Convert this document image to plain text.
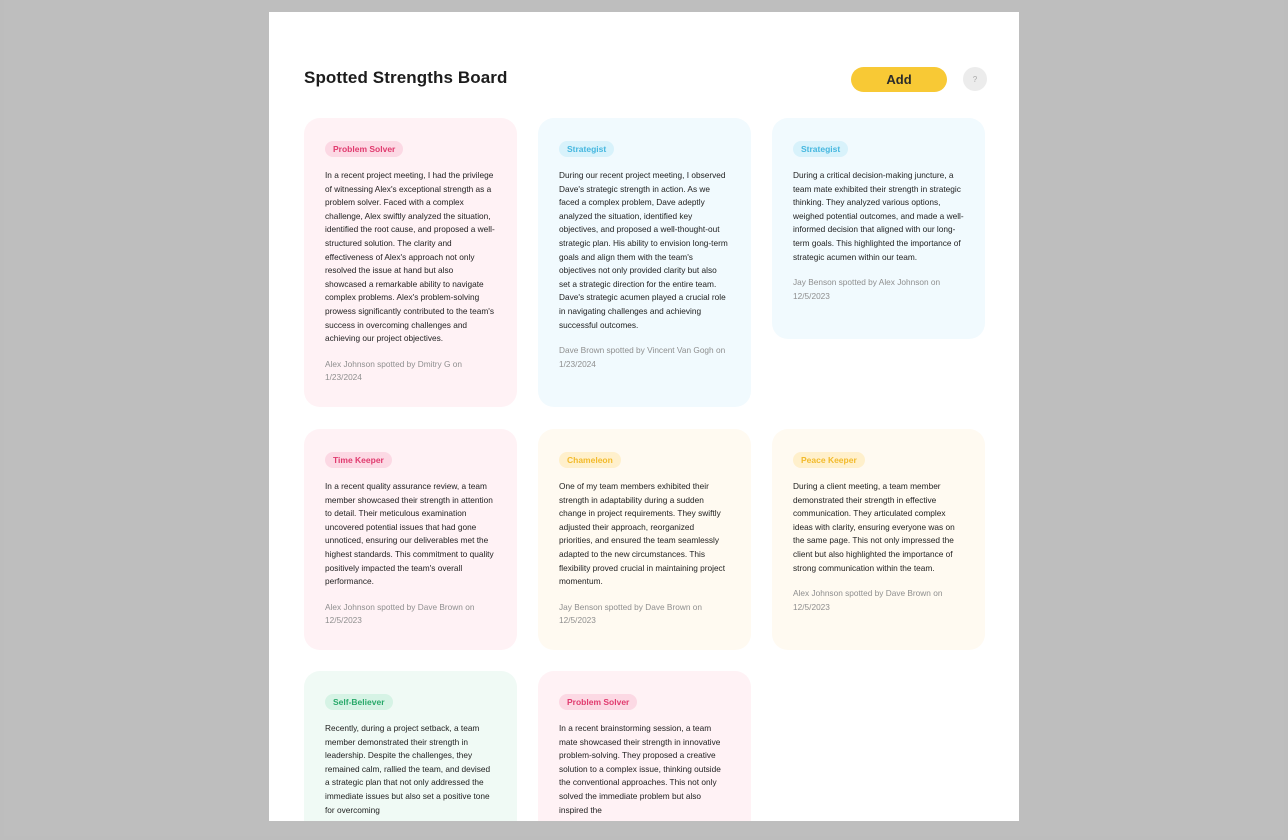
Spotted Strengths Board	Add	?
Problem Solver
In a recent project meeting, I had the privilege of witnessing Alex's exceptional strength as a problem solver. Faced with a complex challenge, Alex swiftly analyzed the situation, identified the root cause, and proposed a well-structured solution. The clarity and effectiveness of Alex's approach not only resolved the issue at hand but also showcased a remarkable ability to navigate complex problems. Alex's problem-solving prowess significantly contributed to the team's success in overcoming challenges and achieving our project objectives.
Alex Johnson spotted by Dmitry G on 1/23/2024
Strategist
During our recent project meeting, I observed Dave's strategic strength in action. As we faced a complex problem, Dave adeptly analyzed the situation, identified key objectives, and proposed a well-thought-out strategic plan. His ability to envision long-term goals and align them with the team's objectives not only provided clarity but also set a strategic direction for the entire team. Dave's strategic acumen played a crucial role in navigating challenges and achieving successful outcomes.
Dave Brown spotted by Vincent Van Gogh on 1/23/2024
Strategist
During a critical decision-making juncture, a team mate exhibited their strength in strategic thinking. They analyzed various options, weighed potential outcomes, and made a well-informed decision that aligned with our long-term goals. This highlighted the importance of strategic acumen within our team.
Jay Benson spotted by Alex Johnson on 12/5/2023
Time Keeper
In a recent quality assurance review, a team member showcased their strength in attention to detail. Their meticulous examination uncovered potential issues that had gone unnoticed, ensuring our deliverables met the highest standards. This commitment to quality positively impacted the team's overall performance.
Alex Johnson spotted by Dave Brown on 12/5/2023
Chameleon
One of my team members exhibited their strength in adaptability during a sudden change in project requirements. They swiftly adjusted their approach, reorganized priorities, and ensured the team seamlessly adapted to the new circumstances. This flexibility proved crucial in maintaining project momentum.
Jay Benson spotted by Dave Brown on 12/5/2023
Peace Keeper
During a client meeting, a team member demonstrated their strength in effective communication. They articulated complex ideas with clarity, ensuring everyone was on the same page. This not only impressed the client but also highlighted the importance of strong communication within the team.
Alex Johnson spotted by Dave Brown on 12/5/2023
Self-Believer
Recently, during a project setback, a team member demonstrated their strength in leadership. Despite the challenges, they remained calm, rallied the team, and devised a strategic plan that not only addressed the immediate issues but also set a positive tone for overcoming
Problem Solver
In a recent brainstorming session, a team mate showcased their strength in innovative problem-solving. They proposed a creative solution to a complex issue, thinking outside the conventional approaches. This not only solved the immediate problem but also inspired the
